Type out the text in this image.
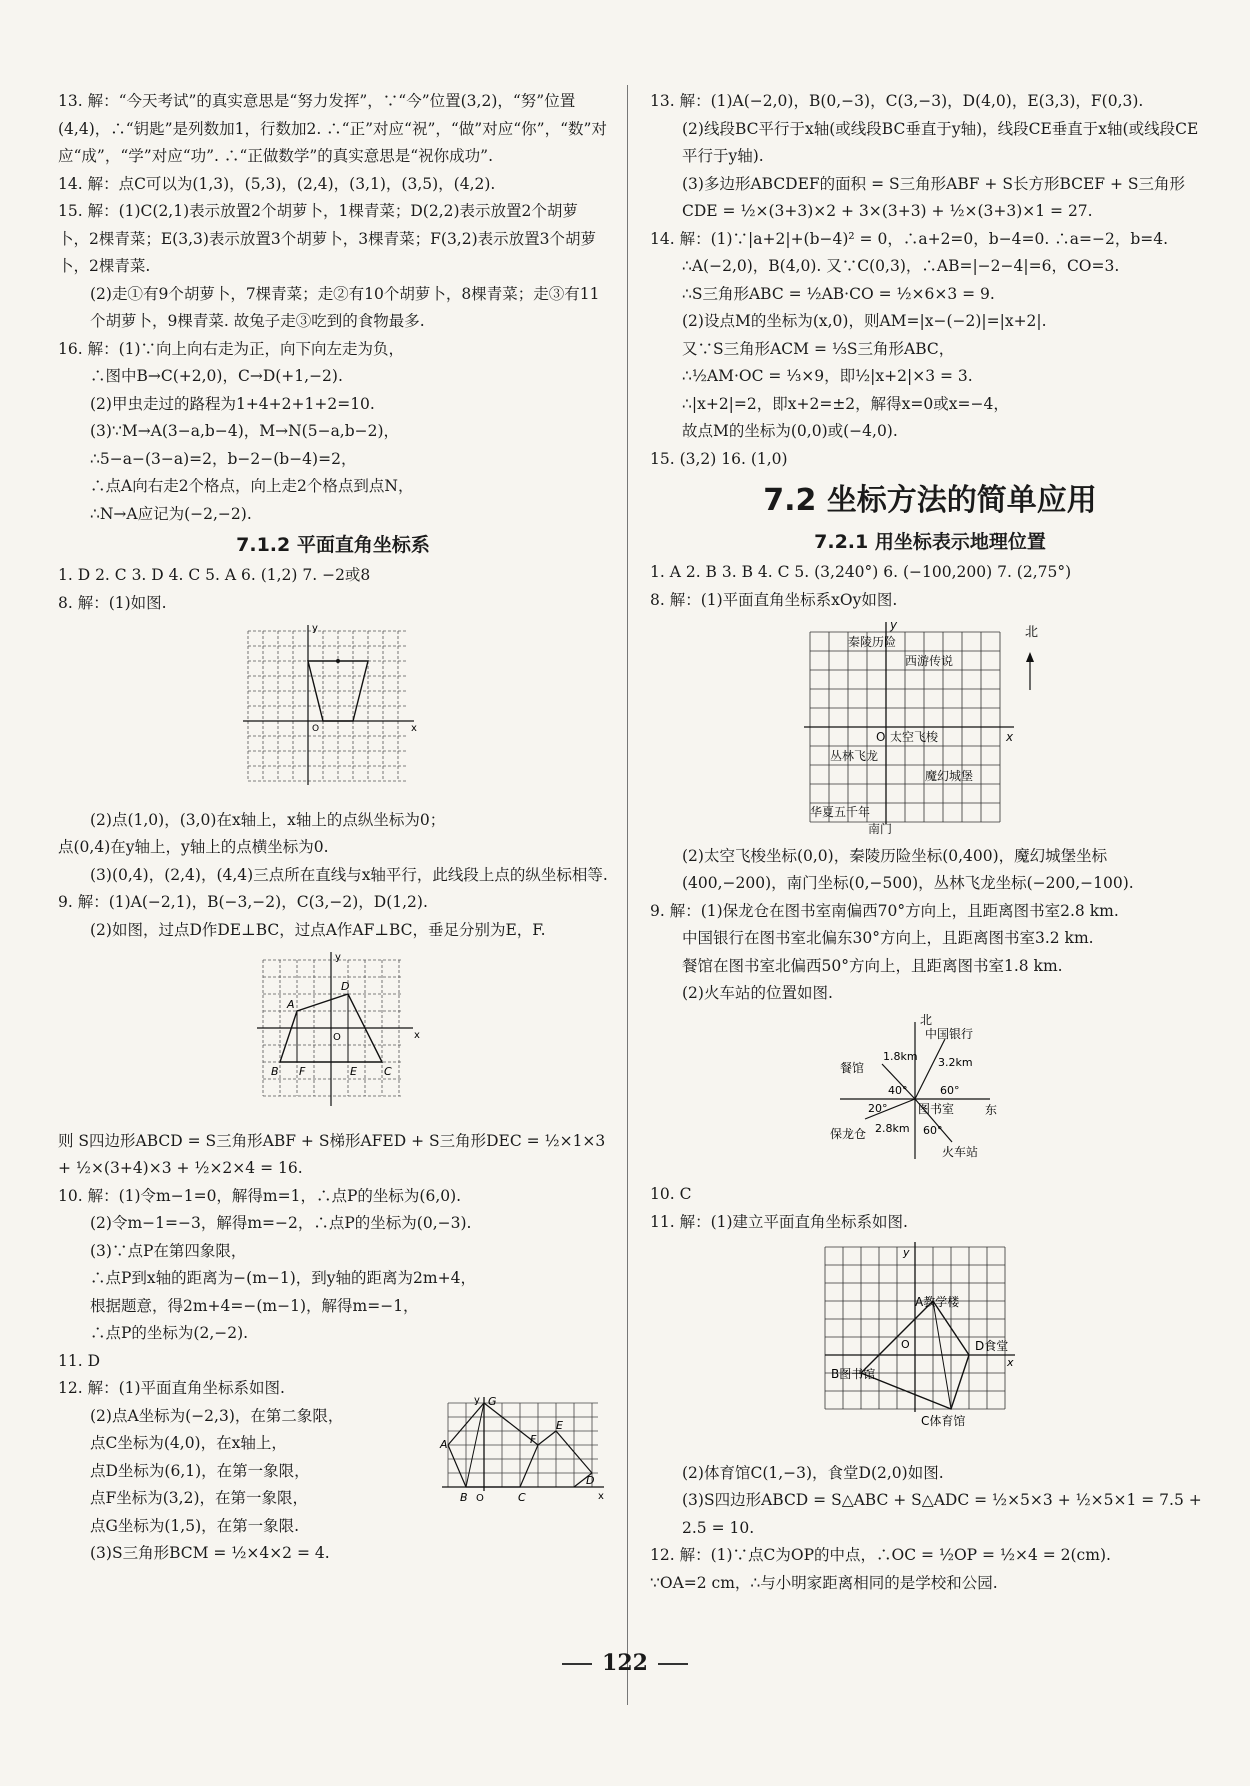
13. 解：“今天考试”的真实意思是“努力发挥”，∵“今”位置(3,2)，“努”位置(4,4)，∴“钥匙”是列数加1，行数加2. ∴“正”对应“祝”，“做”对应“你”，“数”对应“成”，“学”对应“功”. ∴“正做数学”的真实意思是“祝你成功”.

14. 解：点C可以为(1,3)，(5,3)，(2,4)，(3,1)，(3,5)，(4,2).

15. 解：(1)C(2,1)表示放置2个胡萝卜，1棵青菜；D(2,2)表示放置2个胡萝卜，2棵青菜；E(3,3)表示放置3个胡萝卜，3棵青菜；F(3,2)表示放置3个胡萝卜，2棵青菜.

(2)走①有9个胡萝卜，7棵青菜；走②有10个胡萝卜，8棵青菜；走③有11个胡萝卜，9棵青菜. 故兔子走③吃到的食物最多.

16. 解：(1)∵向上向右走为正，向下向左走为负，

∴图中B→C(+2,0)，C→D(+1,−2).

(2)甲虫走过的路程为1+4+2+1+2=10.

(3)∵M→A(3−a,b−4)，M→N(5−a,b−2)，

∴5−a−(3−a)=2，b−2−(b−4)=2，

∴点A向右走2个格点，向上走2个格点到点N，

∴N→A应记为(−2,−2).

7.1.2 平面直角坐标系

1. D 2. C 3. D 4. C 5. A 6. (1,2) 7. −2或8

8. 解：(1)如图.

x
y
O

(2)点(1,0)，(3,0)在x轴上，x轴上的点纵坐标为0；

点(0,4)在y轴上，y轴上的点横坐标为0.

(3)(0,4)，(2,4)，(4,4)三点所在直线与x轴平行，此线段上点的纵坐标相等.

9. 解：(1)A(−2,1)，B(−3,−2)，C(3,−2)，D(1,2).

(2)如图，过点D作DE⊥BC，过点A作AF⊥BC，垂足分别为E，F.

A
B	C
D
E
F
O	x
y

则 S四边形ABCD = S三角形ABF + S梯形AFED + S三角形DEC = ½×1×3 + ½×(3+4)×3 + ½×2×4 = 16.

10. 解：(1)令m−1=0，解得m=1，∴点P的坐标为(6,0).

(2)令m−1=−3，解得m=−2，∴点P的坐标为(0,−3).

(3)∵点P在第四象限，

∴点P到x轴的距离为−(m−1)，到y轴的距离为2m+4，

根据题意，得2m+4=−(m−1)，解得m=−1，

∴点P的坐标为(2,−2).

11. D

12. 解：(1)平面直角坐标系如图.

(2)点A坐标为(−2,3)，在第二象限，

点C坐标为(4,0)，在x轴上，

点D坐标为(6,1)，在第一象限，

点F坐标为(3,2)，在第一象限，

点G坐标为(1,5)，在第一象限.

(3)S三角形BCM = ½×4×2 = 4.

A
B O	C
D
E
F
G
x
y

13. 解：(1)A(−2,0)，B(0,−3)，C(3,−3)，D(4,0)，E(3,3)，F(0,3).

(2)线段BC平行于x轴(或线段BC垂直于y轴)，线段CE垂直于x轴(或线段CE平行于y轴).

(3)多边形ABCDEF的面积 = S三角形ABF + S长方形BCEF + S三角形CDE = ½×(3+3)×2 + 3×(3+3) + ½×(3+3)×1 = 27.

14. 解：(1)∵|a+2|+(b−4)² = 0，∴a+2=0，b−4=0. ∴a=−2，b=4.

∴A(−2,0)，B(4,0). 又∵C(0,3)，∴AB=|−2−4|=6，CO=3.

∴S三角形ABC = ½AB·CO = ½×6×3 = 9.

(2)设点M的坐标为(x,0)，则AM=|x−(−2)|=|x+2|.

又∵S三角形ACM = ⅓S三角形ABC，

∴½AM·OC = ⅓×9，即½|x+2|×3 = 3.

∴|x+2|=2，即x+2=±2，解得x=0或x=−4，

故点M的坐标为(0,0)或(−4,0).

15. (3,2) 16. (1,0)

7.2 坐标方法的简单应用
7.2.1 用坐标表示地理位置

1. A 2. B 3. B 4. C 5. (3,240°) 6. (−100,200) 7. (2,75°)

8. 解：(1)平面直角坐标系xOy如图.

北
秦陵历险
西游传说
O 太空飞梭
丛林飞龙
魔幻城堡
华夏五千年
南门
x
y

(2)太空飞梭坐标(0,0)，秦陵历险坐标(0,400)，魔幻城堡坐标(400,−200)，南门坐标(0,−500)，丛林飞龙坐标(−200,−100).

9. 解：(1)保龙仓在图书室南偏西70°方向上，且距离图书室2.8 km.

中国银行在图书室北偏东30°方向上，且距离图书室3.2 km.

餐馆在图书室北偏西50°方向上，且距离图书室1.8 km.

(2)火车站的位置如图.

北
中国银行
餐馆
1.8km 3.2km
40°	60°
20°
2.8km
图书室	东
60°
保龙仓
火车站

10. C

11. 解：(1)建立平面直角坐标系如图.

A教学楼
D食堂
B图书馆
C体育馆
O
x
y

(2)体育馆C(1,−3)，食堂D(2,0)如图.

(3)S四边形ABCD = S△ABC + S△ADC = ½×5×3 + ½×5×1 = 7.5 + 2.5 = 10.

12. 解：(1)∵点C为OP的中点，∴OC = ½OP = ½×4 = 2(cm).

∵OA=2 cm，∴与小明家距离相同的是学校和公园.

122
